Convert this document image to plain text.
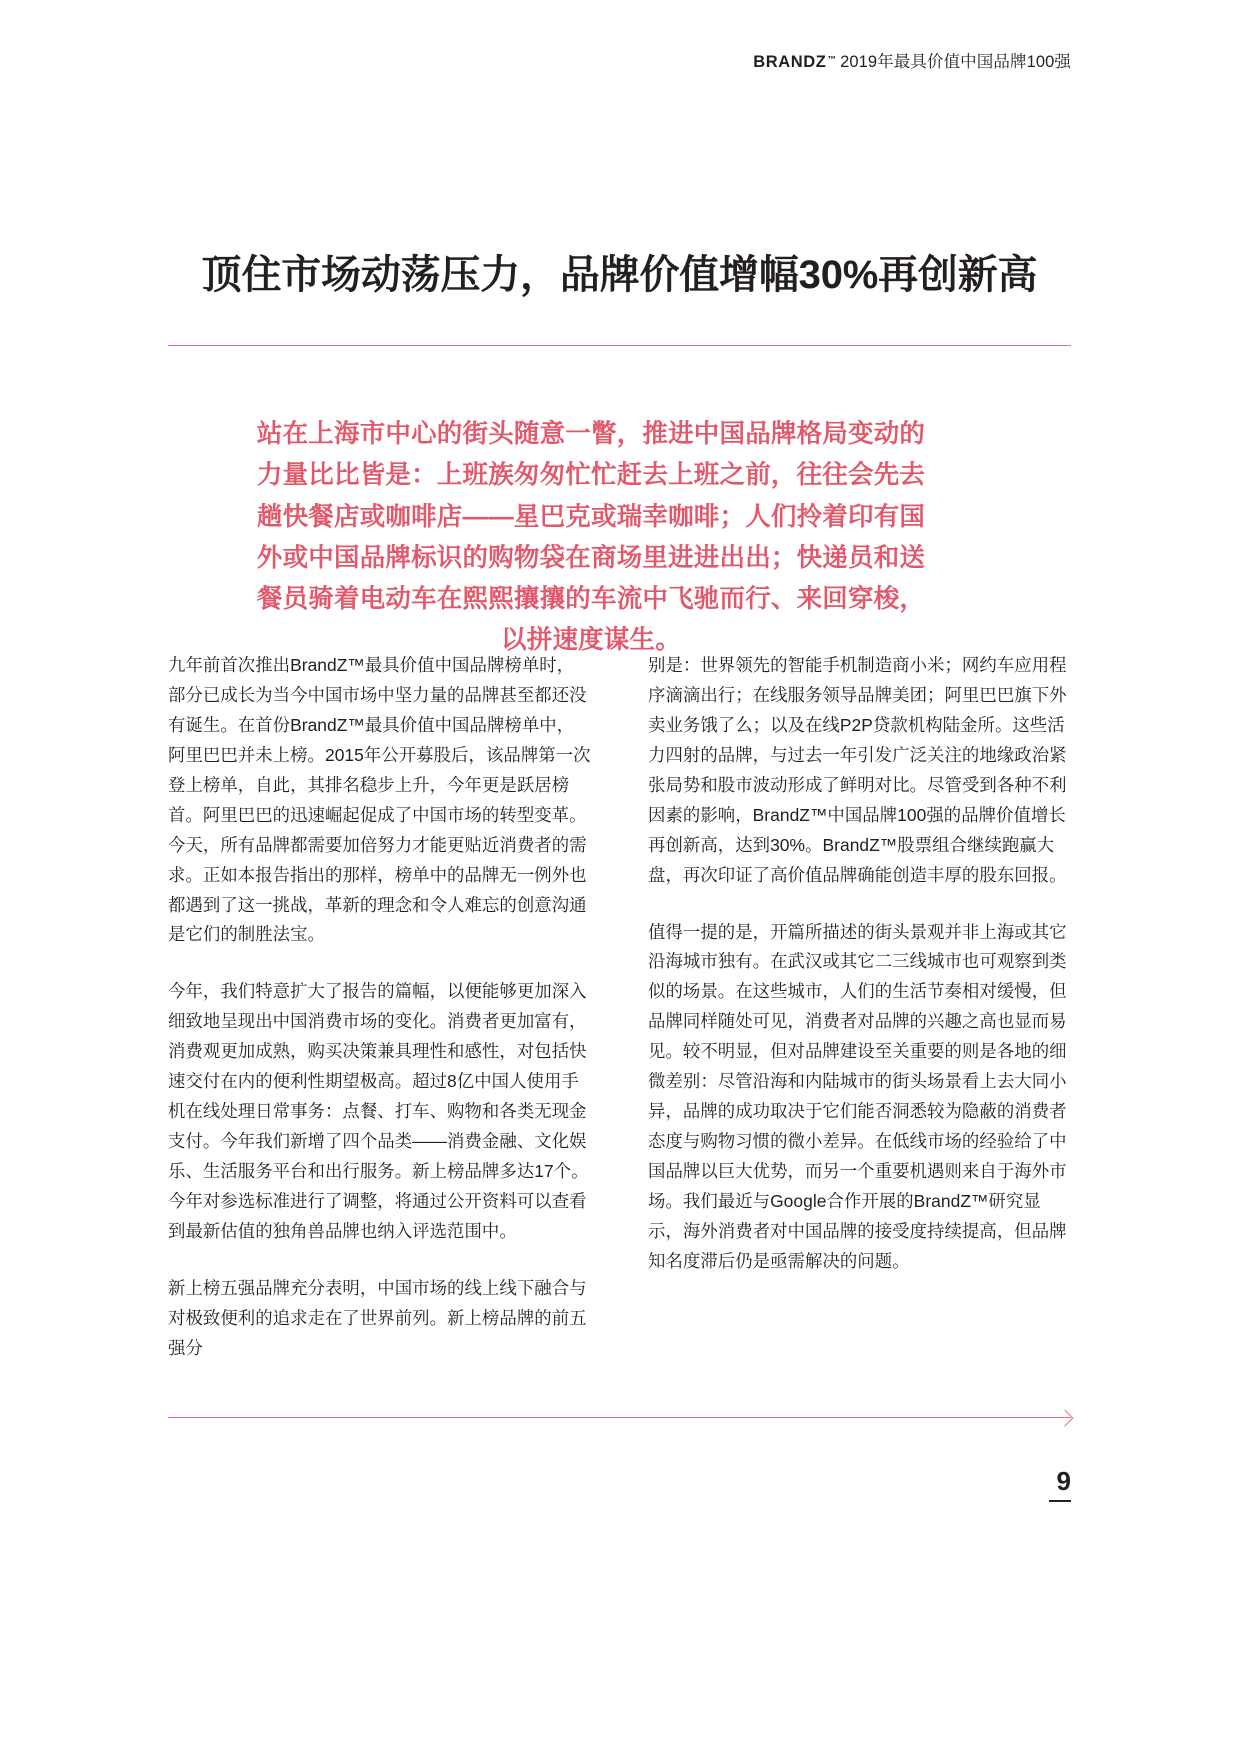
BRANDZ ™ 2019年最具价值中国品牌100强
顶住市场动荡压力，品牌价值增幅30%再创新高
站在上海市中心的街头随意一瞥，推进中国品牌格局变动的力量比比皆是：上班族匆匆忙忙赶去上班之前，往往会先去趟快餐店或咖啡店——星巴克或瑞幸咖啡；人们拎着印有国外或中国品牌标识的购物袋在商场里进进出出；快递员和送餐员骑着电动车在熙熙攘攘的车流中飞驰而行、来回穿梭，以拼速度谋生。

九年前首次推出BrandZ™最具价值中国品牌榜单时，部分已成长为当今中国市场中坚力量的品牌甚至都还没有诞生。在首份BrandZ™最具价值中国品牌榜单中，阿里巴巴并未上榜。2015年公开募股后，该品牌第一次登上榜单，自此，其排名稳步上升，今年更是跃居榜首。阿里巴巴的迅速崛起促成了中国市场的转型变革。今天，所有品牌都需要加倍努力才能更贴近消费者的需求。正如本报告指出的那样，榜单中的品牌无一例外也都遇到了这一挑战，革新的理念和令人难忘的创意沟通是它们的制胜法宝。

今年，我们特意扩大了报告的篇幅，以便能够更加深入细致地呈现出中国消费市场的变化。消费者更加富有，消费观更加成熟，购买决策兼具理性和感性，对包括快速交付在内的便利性期望极高。超过8亿中国人使用手机在线处理日常事务：点餐、打车、购物和各类无现金支付。今年我们新增了四个品类——消费金融、文化娱乐、生活服务平台和出行服务。新上榜品牌多达17个。今年对参选标准进行了调整，将通过公开资料可以查看到最新估值的独角兽品牌也纳入评选范围中。

新上榜五强品牌充分表明，中国市场的线上线下融合与对极致便利的追求走在了世界前列。新上榜品牌的前五强分

别是：世界领先的智能手机制造商小米；网约车应用程序滴滴出行；在线服务领导品牌美团；阿里巴巴旗下外卖业务饿了么；以及在线P2P贷款机构陆金所。这些活力四射的品牌，与过去一年引发广泛关注的地缘政治紧张局势和股市波动形成了鲜明对比。尽管受到各种不利因素的影响，BrandZ™中国品牌100强的品牌价值增长再创新高，达到30%。BrandZ™股票组合继续跑赢大盘，再次印证了高价值品牌确能创造丰厚的股东回报。

值得一提的是，开篇所描述的街头景观并非上海或其它沿海城市独有。在武汉或其它二三线城市也可观察到类似的场景。在这些城市，人们的生活节奏相对缓慢，但品牌同样随处可见，消费者对品牌的兴趣之高也显而易见。较不明显，但对品牌建设至关重要的则是各地的细微差别：尽管沿海和内陆城市的街头场景看上去大同小异，品牌的成功取决于它们能否洞悉较为隐蔽的消费者态度与购物习惯的微小差异。在低线市场的经验给了中国品牌以巨大优势，而另一个重要机遇则来自于海外市场。我们最近与Google合作开展的BrandZ™研究显示，海外消费者对中国品牌的接受度持续提高，但品牌知名度滞后仍是亟需解决的问题。

9
